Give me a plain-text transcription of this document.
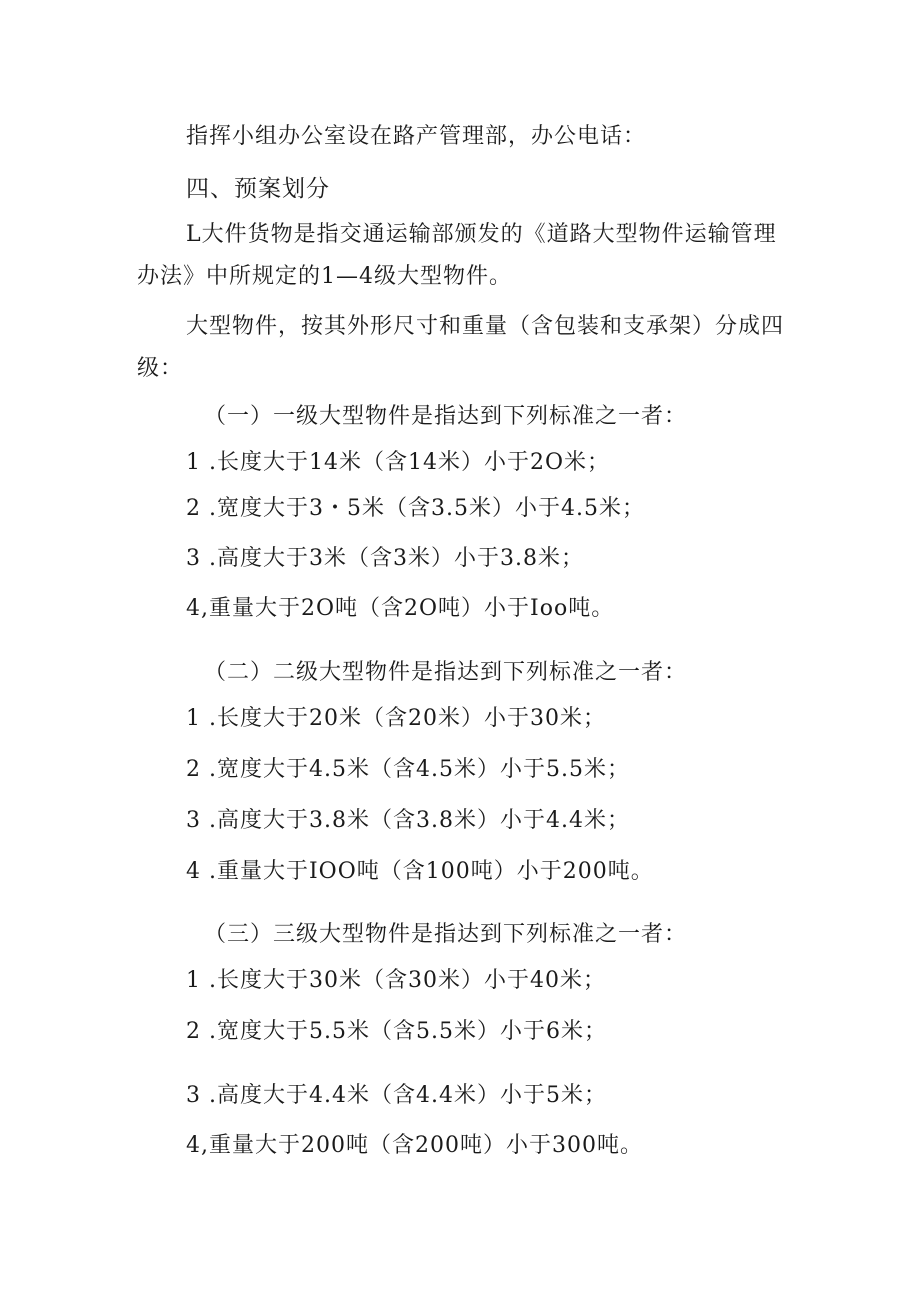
指挥小组办公室设在路产管理部，办公电话：
四、预案划分
L大件货物是指交通运输部颁发的《道路大型物件运输管理
办法》中所规定的1—4级大型物件。
大型物件，按其外形尺寸和重量（含包装和支承架）分成四
级：
（一）一级大型物件是指达到下列标准之一者：
1 .长度大于14米（含14米）小于2O米；
2 .宽度大于3・5米（含3.5米）小于4.5米；
3 .高度大于3米（含3米）小于3.8米；
4,重量大于2O吨（含2O吨）小于Ioo吨。
（二）二级大型物件是指达到下列标准之一者：
1 .长度大于20米（含20米）小于30米；
2 .宽度大于4.5米（含4.5米）小于5.5米；
3 .高度大于3.8米（含3.8米）小于4.4米；
4 .重量大于IOO吨（含100吨）小于200吨。
（三）三级大型物件是指达到下列标准之一者：
1 .长度大于30米（含30米）小于40米；
2 .宽度大于5.5米（含5.5米）小于6米；
3 .高度大于4.4米（含4.4米）小于5米；
4,重量大于200吨（含200吨）小于300吨。
